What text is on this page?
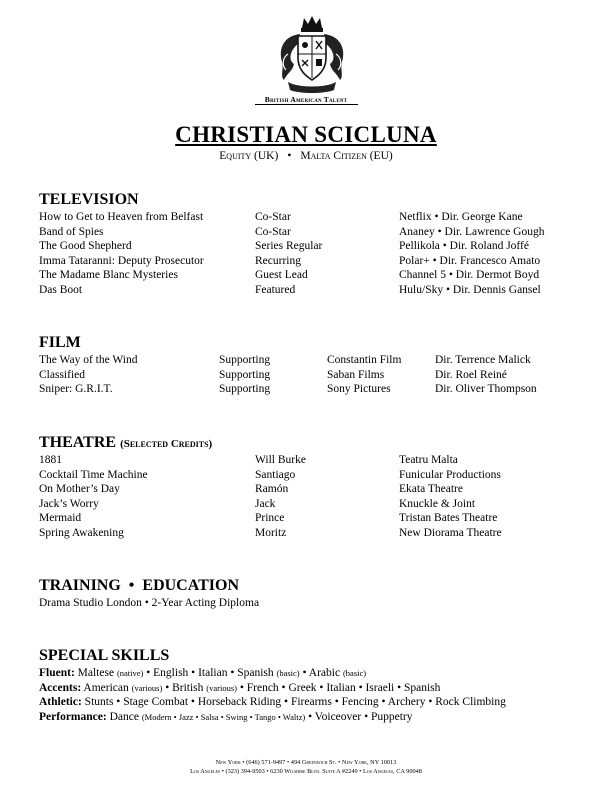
British American Talent
CHRISTIAN SCICLUNA
Equity (UK) • Malta Citizen (EU)
TELEVISION
How to Get to Heaven from Belfast	Co-Star	Netflix • Dir. George Kane
Band of Spies	Co-Star	Ananey • Dir. Lawrence Gough
The Good Shepherd	Series Regular	Pellikola • Dir. Roland Joffé
Imma Tataranni: Deputy Prosecutor	Recurring	Polar+ • Dir. Francesco Amato
The Madame Blanc Mysteries	Guest Lead	Channel 5 • Dir. Dermot Boyd
Das Boot	Featured	Hulu/Sky • Dir. Dennis Gansel
FILM
The Way of the Wind	Supporting	Constantin Film	Dir. Terrence Malick
Classified	Supporting	Saban Films	Dir. Roel Reiné
Sniper: G.R.I.T.	Supporting	Sony Pictures	Dir. Oliver Thompson
THEATRE (Selected Credits)
1881	Will Burke	Teatru Malta
Cocktail Time Machine	Santiago	Funicular Productions
On Mother’s Day	Ramón	Ekata Theatre
Jack’s Worry	Jack	Knuckle & Joint
Mermaid	Prince	Tristan Bates Theatre
Spring Awakening	Moritz	New Diorama Theatre
TRAINING  •  EDUCATION
Drama Studio London • 2-Year Acting Diploma
SPECIAL SKILLS
Fluent: Maltese (native) • English • Italian • Spanish (basic) • Arabic (basic)
Accents: American (various) • British (various) • French • Greek • Italian • Israeli • Spanish
Athletic: Stunts • Stage Combat • Horseback Riding • Firearms • Fencing • Archery • Rock Climbing
Performance: Dance (Modern • Jazz • Salsa • Swing • Tango • Waltz) • Voiceover • Puppetry
New York • (646) 571-9497 • 494 Greenwich St. • New York, NY 10013
Los Angeles • (323) 394-9503 • 6230 Wilshire Blvd. Suite A #2249 • Los Angeles, CA 90048
